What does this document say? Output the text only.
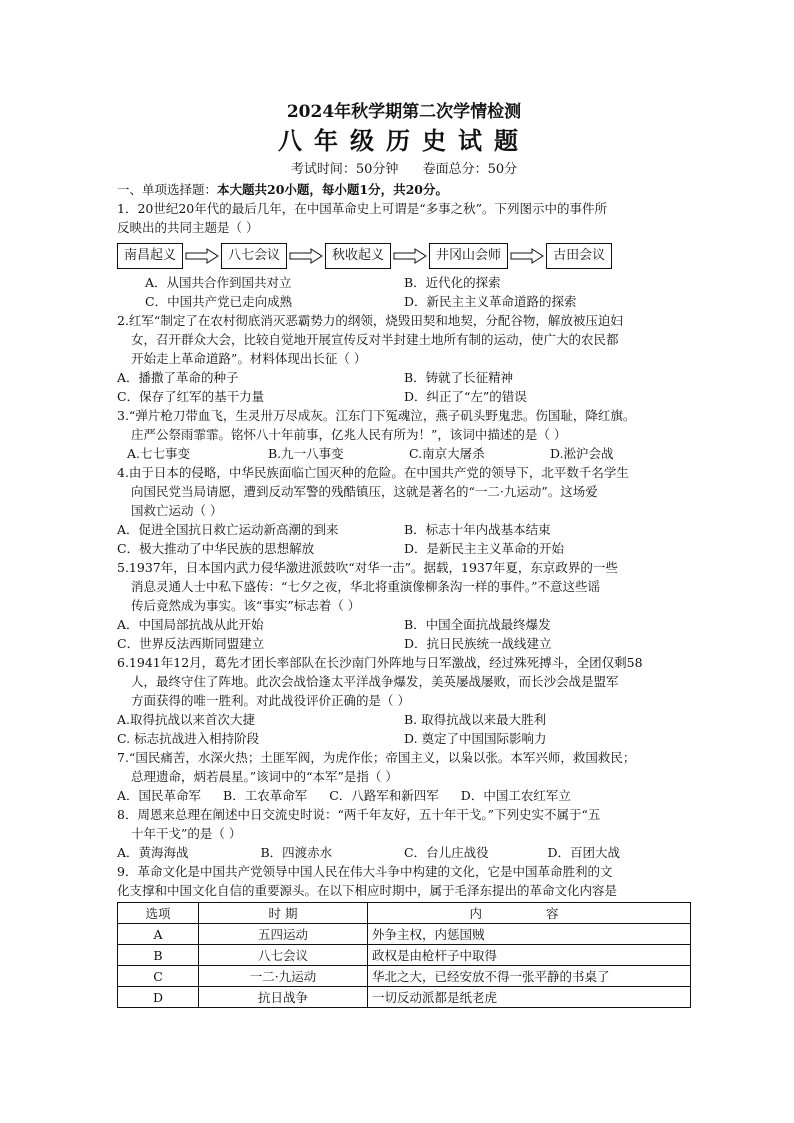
2024年秋学期第二次学情检测

八年级历史试题

考试时间：50分钟 卷面总分：50分
一、单项选择题：本大题共20小题，每小题1分，共20分。

1．20世纪20年代的最后几年，在中国革命史上可谓是“多事之秋”。下列图示中的事件所

反映出的共同主题是（ ）

南昌起义	八七会议	秋收起义	井冈山会师	古田会议
A．从国共合作到国共对立	B．近代化的探索
C．中国共产党已走向成熟	D．新民主主义革命道路的探索

2.红军“制定了在农村彻底消灭恶霸势力的纲领，烧毁田契和地契，分配谷物，解放被压迫妇

女，召开群众大会，比较自觉地开展宣传反对半封建土地所有制的运动，使广大的农民都

开始走上革命道路”。材料体现出长征（ ）

A．播撒了革命的种子	B．铸就了长征精神
C．保存了红军的基干力量	D．纠正了“左”的错误

3.“弹片枪刀带血飞，生灵卅万尽成灰。江东门下冤魂泣，燕子矶头野鬼悲。伤国耻，降红旗。

庄严公祭雨霏霏。铭怀八十年前事，亿兆人民有所为！”，该词中描述的是（ ）

A.七七事变	B.九一八事变	C.南京大屠杀	D.淞沪会战

4.由于日本的侵略，中华民族面临亡国灭种的危险。在中国共产党的领导下，北平数千名学生

向国民党当局请愿，遭到反动军警的残酷镇压，这就是著名的“一二·九运动”。这场爱

国救亡运动（ ）

A．促进全国抗日救亡运动新高潮的到来	B．标志十年内战基本结束
C．极大推动了中华民族的思想解放	D．是新民主主义革命的开始

5.1937年，日本国内武力侵华激进派鼓吹“对华一击”。据载，1937年夏，东京政界的一些

消息灵通人士中私下盛传：“七夕之夜，华北将重演像柳条沟一样的事件。”不意这些谣

传后竟然成为事实。该“事实”标志着（ ）

A．中国局部抗战从此开始	B．中国全面抗战最终爆发
C．世界反法西斯同盟建立	D．抗日民族统一战线建立

6.1941年12月，葛先才团长率部队在长沙南门外阵地与日军激战，经过殊死搏斗，全团仅剩58

人，最终守住了阵地。此次会战恰逢太平洋战争爆发，美英屡战屡败，而长沙会战是盟军

方面获得的唯一胜利。对此战役评价正确的是（ ）

A.取得抗战以来首次大捷	B. 取得抗战以来最大胜利
C. 标志抗战进入相持阶段	D. 奠定了中国国际影响力

7.“国民痛苦，水深火热；土匪军阀，为虎作伥；帝国主义，以枭以张。本军兴师，救国救民；

总理遗命，炳若晨星。”该词中的“本军”是指（ ）

A．国民革命军 B．工农革命军 C．八路军和新四军 D．中国工农红军立

8．周恩来总理在阐述中日交流史时说：“两千年友好，五十年干戈。”下列史实不属于“五

十年干戈”的是（ ）

A．黄海海战	B．四渡赤水	C．台儿庄战役	D．百团大战

9．革命文化是中国共产党领导中国人民在伟大斗争中构建的文化，它是中国革命胜利的文

化支撑和中国文化自信的重要源头。在以下相应时期中，属于毛泽东提出的革命文化内容是

选项	时 期	内 容
A	五四运动	外争主权，内惩国贼
B	八七会议	政权是由枪杆子中取得
C	一二·九运动	华北之大，已经安放不得一张平静的书桌了
D	抗日战争	一切反动派都是纸老虎
